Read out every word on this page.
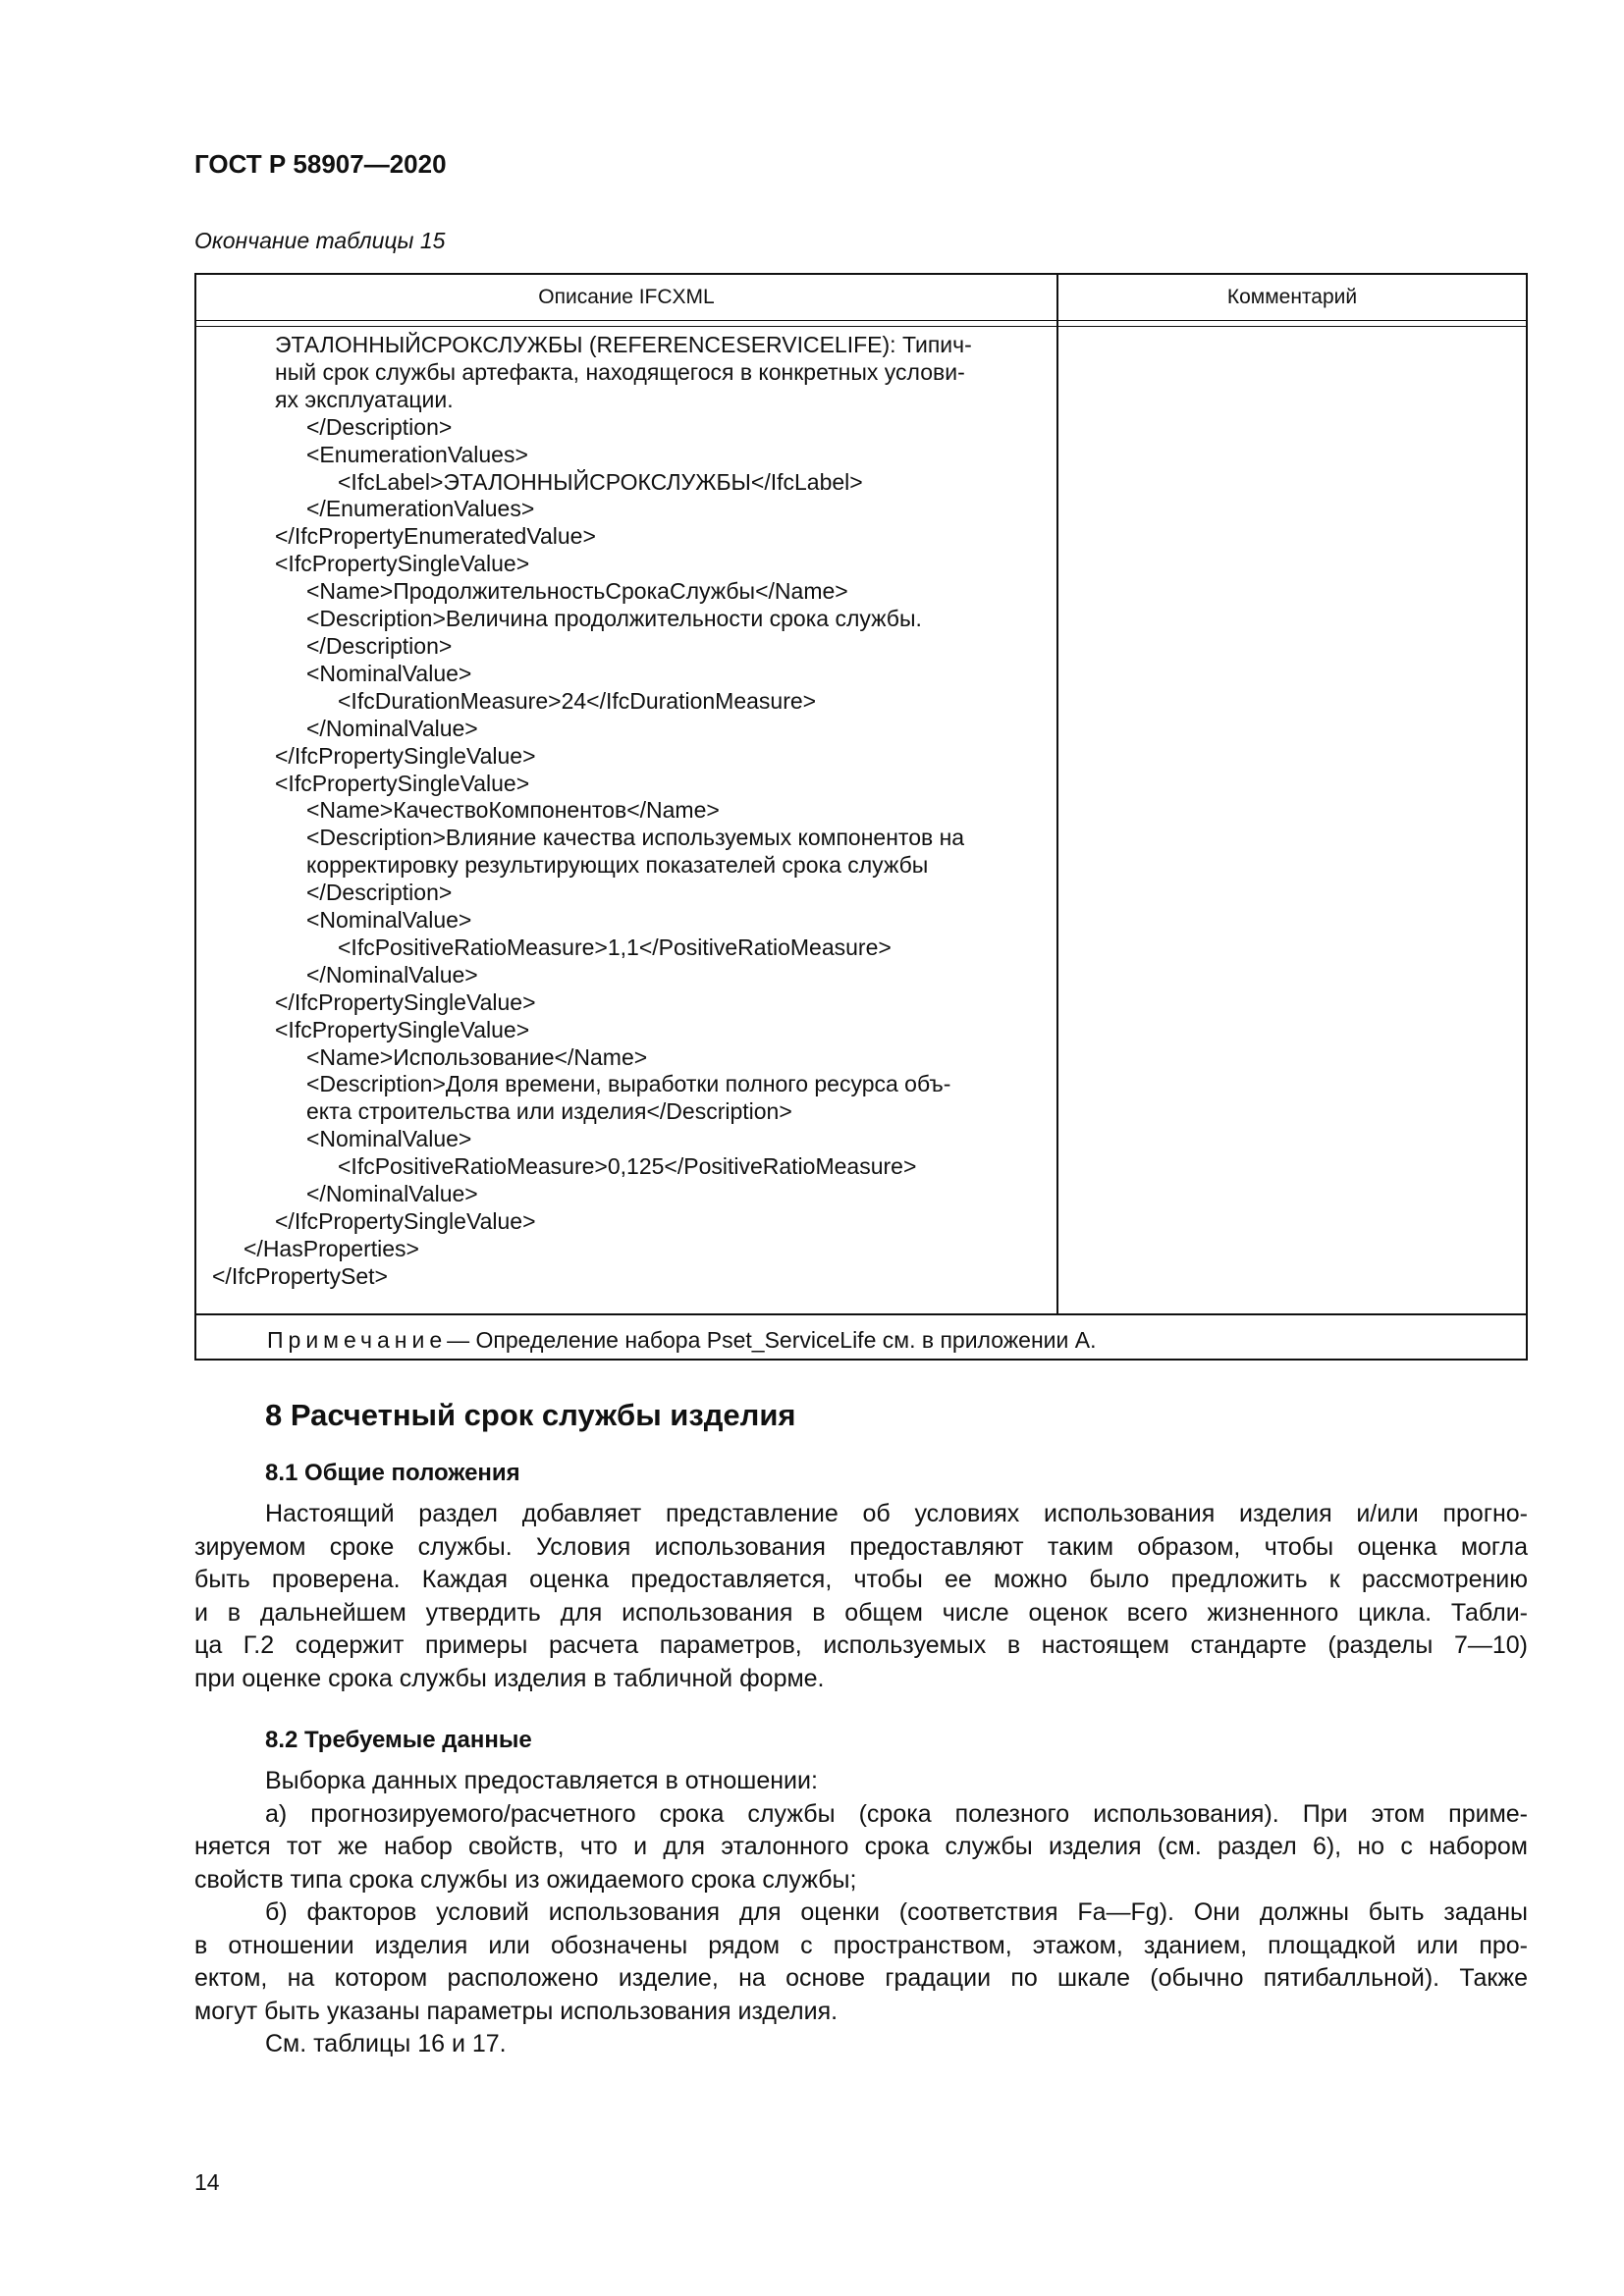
ГОСТ Р 58907—2020

Окончание таблицы 15

Описание IFCXML	Комментарий
ЭТАЛОННЫЙСРОКСЛУЖБЫ (REFERENCESERVICELIFE): Типич-
ный срок службы артефакта, находящегося в конкретных услови-
ях эксплуатации.
</Description>
<EnumerationValues>
<IfcLabel>ЭТАЛОННЫЙСРОКСЛУЖБЫ</IfcLabel>
</EnumerationValues>
</IfcPropertyEnumeratedValue>
<IfcPropertySingleValue>
<Name>ПродолжительностьСрокаСлужбы</Name>
<Description>Величина продолжительности срока службы.
</Description>
<NominalValue>
<IfcDurationMeasure>24</IfcDurationMeasure>
</NominalValue>
</IfcPropertySingleValue>
<IfcPropertySingleValue>
<Name>КачествоКомпонентов</Name>
<Description>Влияние качества используемых компонентов на
корректировку результирующих показателей срока службы
</Description>
<NominalValue>
<IfcPositiveRatioMeasure>1,1</PositiveRatioMeasure>
</NominalValue>
</IfcPropertySingleValue>
<IfcPropertySingleValue>
<Name>Использование</Name>
<Description>Доля времени, выработки полного ресурса объ-
екта строительства или изделия</Description>
<NominalValue>
<IfcPositiveRatioMeasure>0,125</PositiveRatioMeasure>
</NominalValue>
</IfcPropertySingleValue>
</HasProperties>
</IfcPropertySet>
Примечание — Определение набора Pset_ServiceLife см. в приложении А.
8 Расчетный срок службы изделия
8.1 Общие положения
Настоящий раздел добавляет представление об условиях использования изделия и/или прогно-
зируемом сроке службы. Условия использования предоставляют таким образом, чтобы оценка могла
быть проверена. Каждая оценка предоставляется, чтобы ее можно было предложить к рассмотрению
и в дальнейшем утвердить для использования в общем числе оценок всего жизненного цикла. Табли-
ца Г.2 содержит примеры расчета параметров, используемых в настоящем стандарте (разделы 7—10)
при оценке срока службы изделия в табличной форме.
8.2 Требуемые данные
Выборка данных предоставляется в отношении:
а) прогнозируемого/расчетного срока службы (срока полезного использования). При этом приме-
няется тот же набор свойств, что и для эталонного срока службы изделия (см. раздел 6), но с набором
свойств типа срока службы из ожидаемого срока службы;
б) факторов условий использования для оценки (соответствия Fa—Fg). Они должны быть заданы
в отношении изделия или обозначены рядом с пространством, этажом, зданием, площадкой или про-
ектом, на котором расположено изделие, на основе градации по шкале (обычно пятибалльной). Также
могут быть указаны параметры использования изделия.
См. таблицы 16 и 17.

14
